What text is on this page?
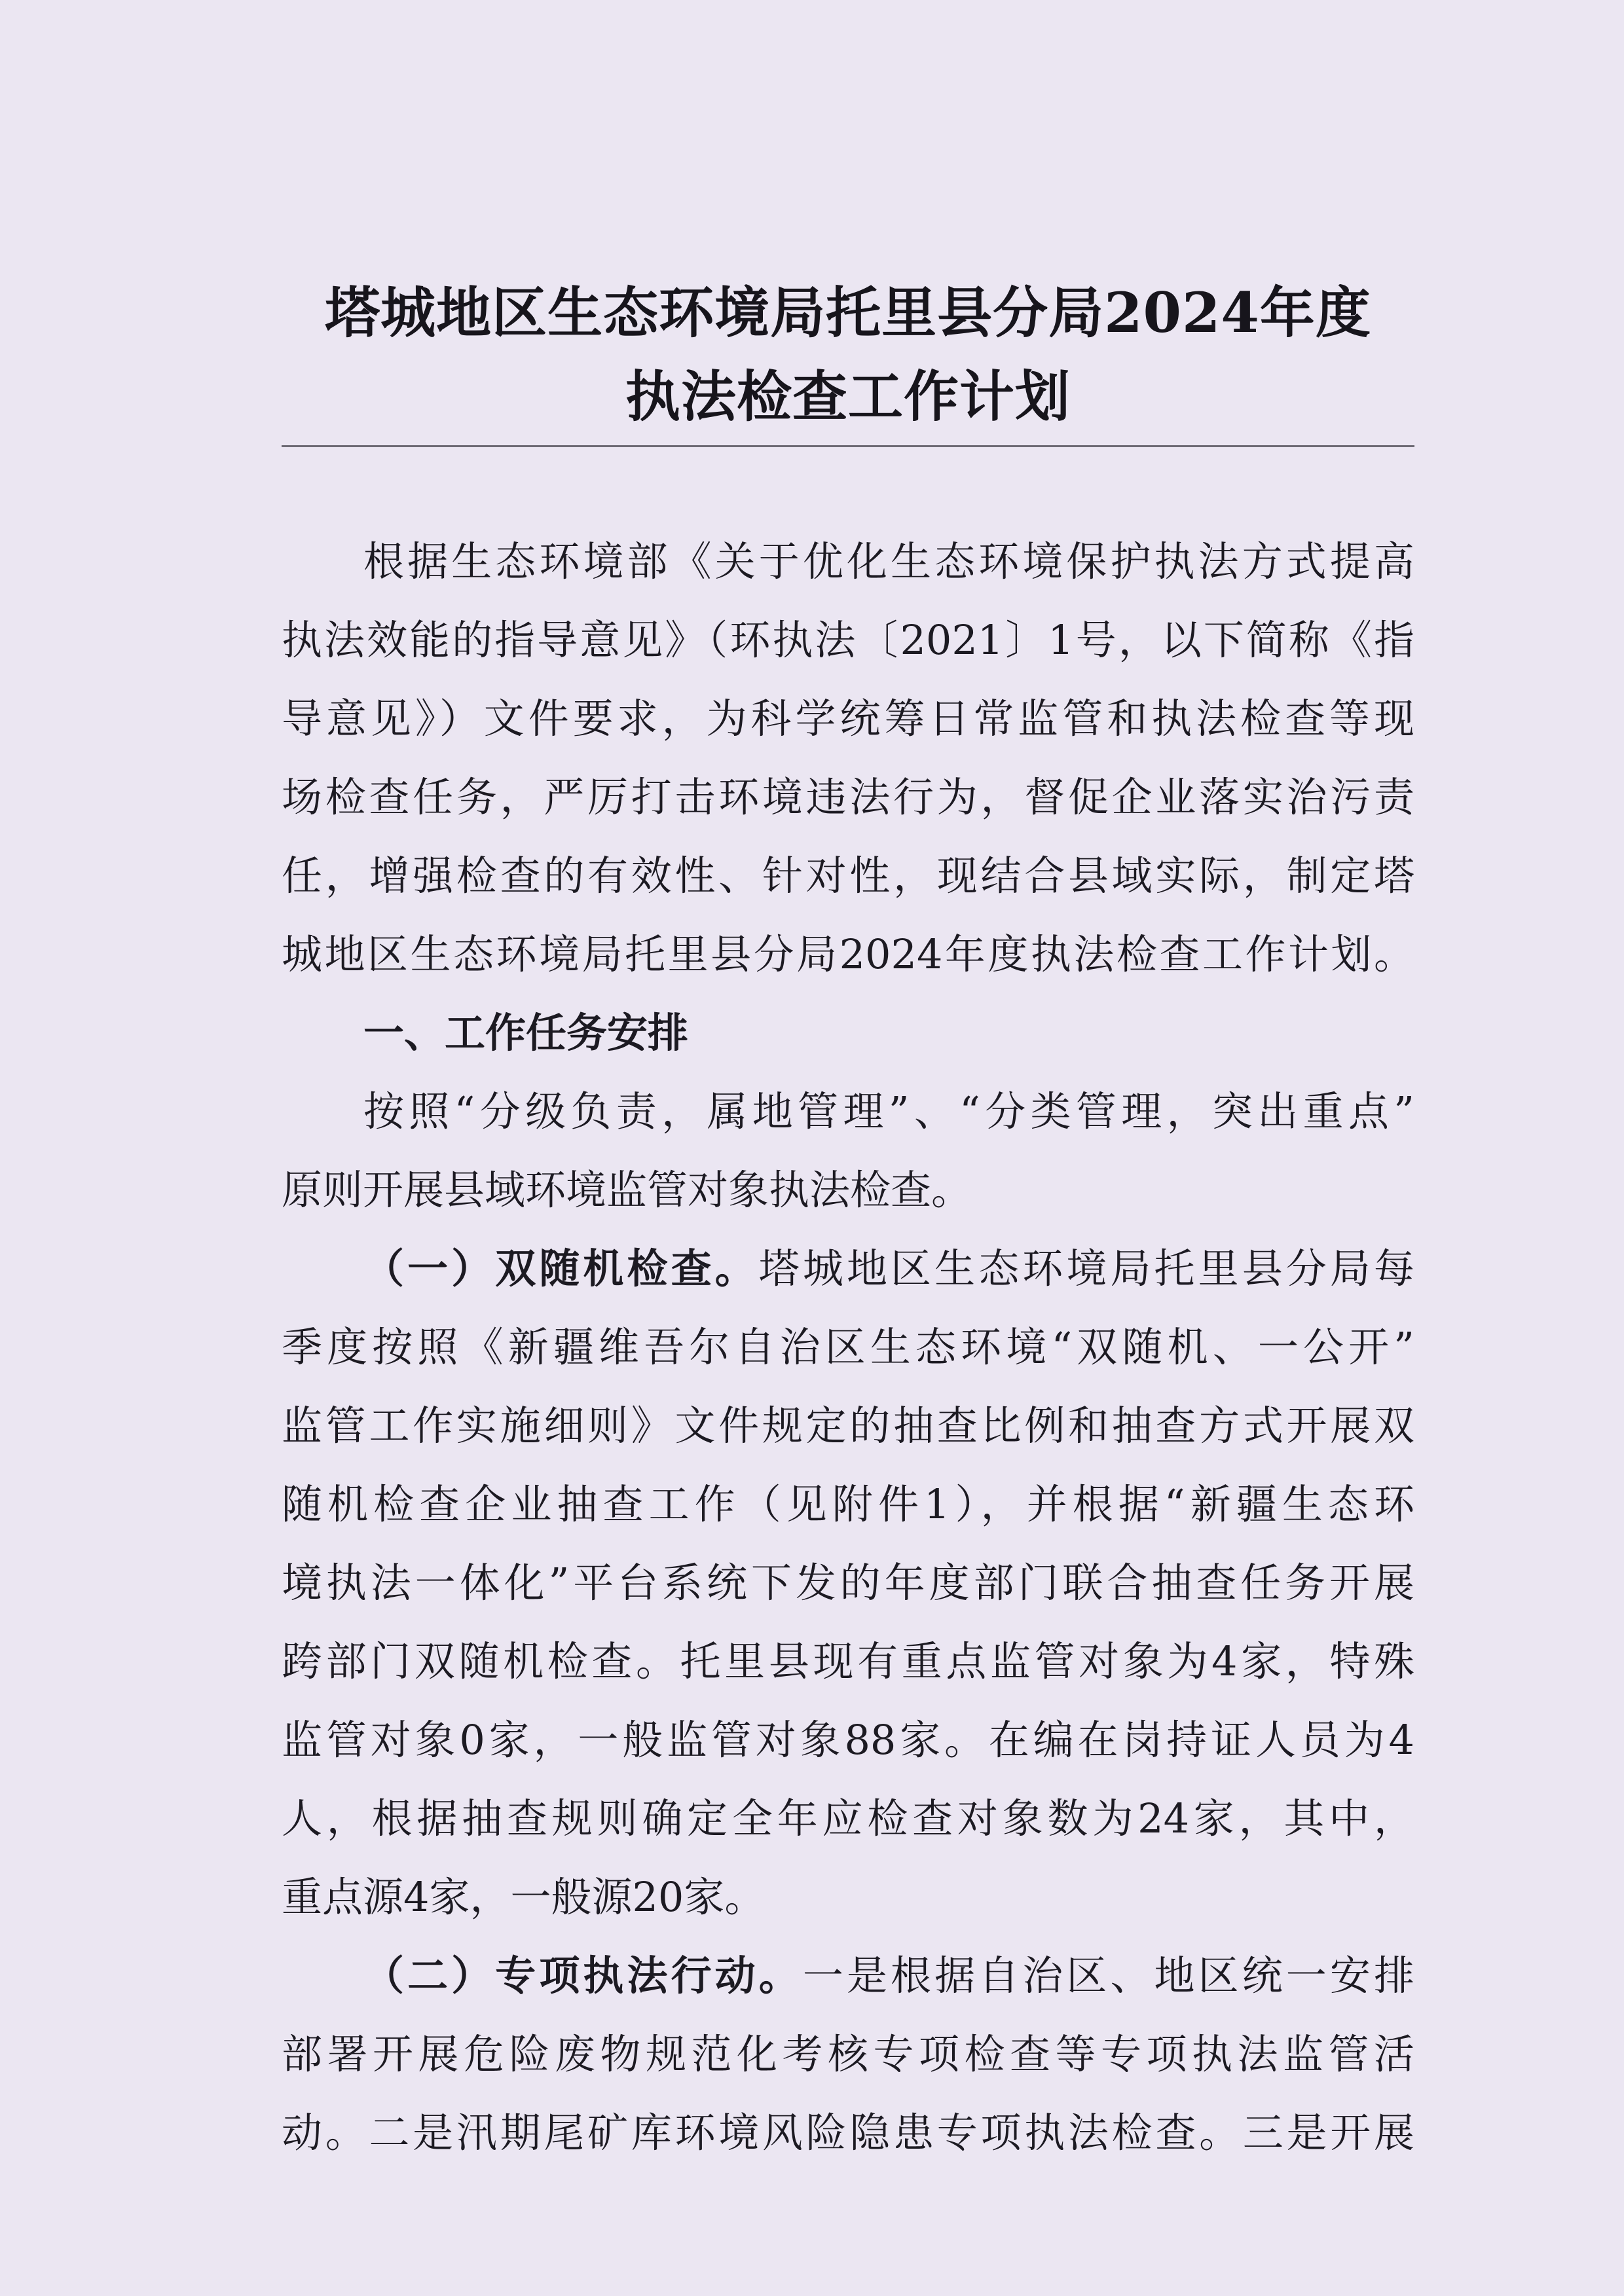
塔城地区生态环境局托里县分局2024年度
执法检查工作计划
根据生态环境部《关于优化生态环境保护执法方式提高
执法效能的指导意见》（环执法〔2021〕1号，以下简称《指
导意见》）文件要求，为科学统筹日常监管和执法检查等现
场检查任务，严厉打击环境违法行为，督促企业落实治污责
任，增强检查的有效性、针对性，现结合县域实际，制定塔
城地区生态环境局托里县分局2024年度执法检查工作计划。
一、工作任务安排
按照“分级负责，属地管理”、“分类管理，突出重点”
原则开展县域环境监管对象执法检查。
（一）双随机检查。塔城地区生态环境局托里县分局每
季度按照《新疆维吾尔自治区生态环境“双随机、一公开”
监管工作实施细则》文件规定的抽查比例和抽查方式开展双
随机检查企业抽查工作（见附件1），并根据“新疆生态环
境执法一体化”平台系统下发的年度部门联合抽查任务开展
跨部门双随机检查。托里县现有重点监管对象为4家，特殊
监管对象0家，一般监管对象88家。在编在岗持证人员为4
人，根据抽查规则确定全年应检查对象数为24家，其中，
重点源4家，一般源20家。
（二）专项执法行动。一是根据自治区、地区统一安排
部署开展危险废物规范化考核专项检查等专项执法监管活
动。二是汛期尾矿库环境风险隐患专项执法检查。三是开展
